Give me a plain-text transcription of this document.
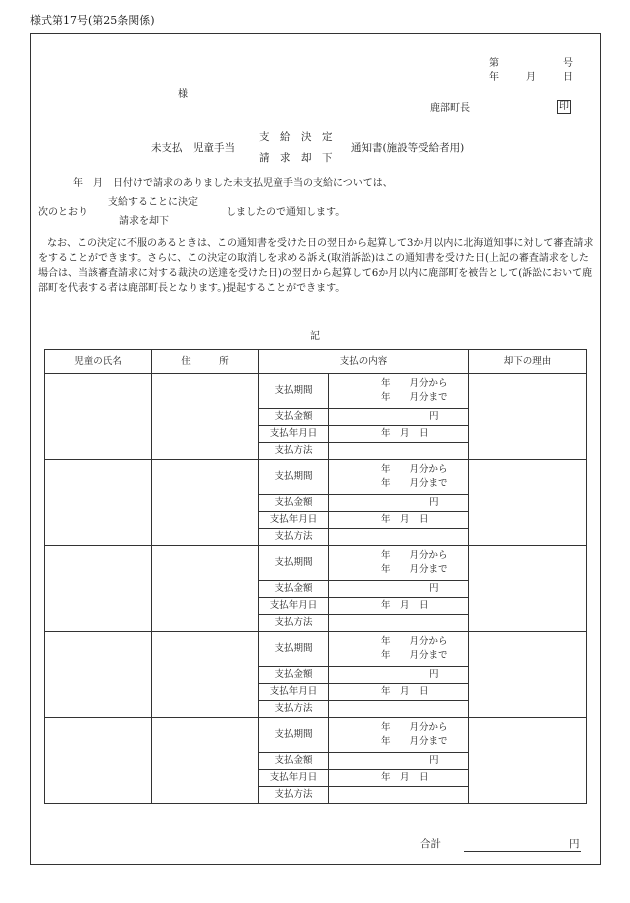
様式第17号(第25条関係)
第	号
年	月	日
様
鹿部町長	印
未支払　児童手当
支　給　決　定
請　求　却　下
通知書(施設等受給者用)
年　月　日付けで請求のありました未支払児童手当の支給については、
次のとおり
支給することに決定
請求を却下
しましたので通知します。
なお、この決定に不服のあるときは、この通知書を受けた日の翌日から起算して3か月以内に北海道知事に対して審査請求をすることができます。さらに、この決定の取消しを求める訴え(取消訴訟)はこの通知書を受けた日(上記の審査請求をした場合は、当該審査請求に対する裁決の送達を受けた日)の翌日から起算して6か月以内に鹿部町を被告として(訴訟において鹿部町を代表する者は鹿部町長となります。)提起することができます。
記
児童の氏名	住　　　所	支払の内容		却下の理由
		支払期間	年　　月分から
年　　月分まで	

		支払金額	円	
		支払年月日	年　月　日	
		支払方法		
		支払期間	年　　月分から
年　　月分まで	

		支払金額	円	
		支払年月日	年　月　日	
		支払方法		
		支払期間	年　　月分から
年　　月分まで	

		支払金額	円	
		支払年月日	年　月　日	
		支払方法		
		支払期間	年　　月分から
年　　月分まで	

		支払金額	円	
		支払年月日	年　月　日	
		支払方法		
		支払期間	年　　月分から
年　　月分まで	

		支払金額	円	
		支払年月日	年　月　日	
		支払方法		
合計	円
